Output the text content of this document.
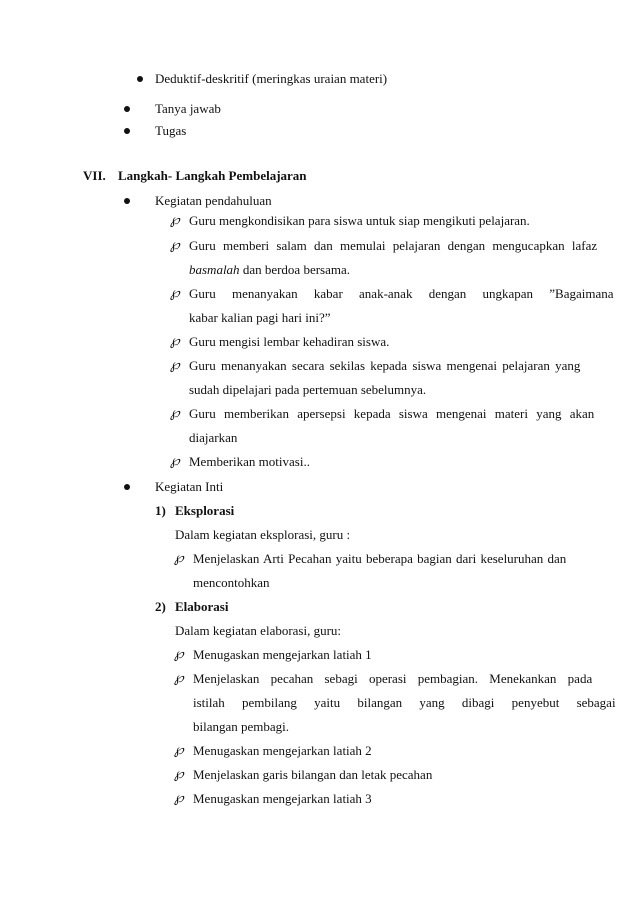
Deduktif-deskritif (meringkas uraian materi)
Tanya jawab
Tugas
VII. Langkah- Langkah Pembelajaran
Kegiatan pendahuluan
℘ Guru mengkondisikan para siswa untuk siap mengikuti pelajaran.
℘ Guru memberi salam dan memulai pelajaran dengan mengucapkan lafaz
basmalah dan berdoa bersama.
℘ Guru menanyakan kabar anak-anak dengan ungkapan ”Bagaimana
kabar kalian pagi hari ini?”
℘ Guru mengisi lembar kehadiran siswa.
℘ Guru menanyakan secara sekilas kepada siswa mengenai pelajaran yang
sudah dipelajari pada pertemuan sebelumnya.
℘ Guru memberikan apersepsi kepada siswa mengenai materi yang akan
diajarkan
℘ Memberikan motivasi..
Kegiatan Inti
1) Eksplorasi
Dalam kegiatan eksplorasi, guru :
℘ Menjelaskan Arti Pecahan yaitu beberapa bagian dari keseluruhan dan
mencontohkan
2) Elaborasi
Dalam kegiatan elaborasi, guru:
℘ Menugaskan mengejarkan latiah 1
℘ Menjelaskan pecahan sebagi operasi pembagian. Menekankan pada
istilah pembilang yaitu bilangan yang dibagi penyebut sebagai
bilangan pembagi.
℘ Menugaskan mengejarkan latiah 2
℘ Menjelaskan garis bilangan dan letak pecahan
℘ Menugaskan mengejarkan latiah 3
